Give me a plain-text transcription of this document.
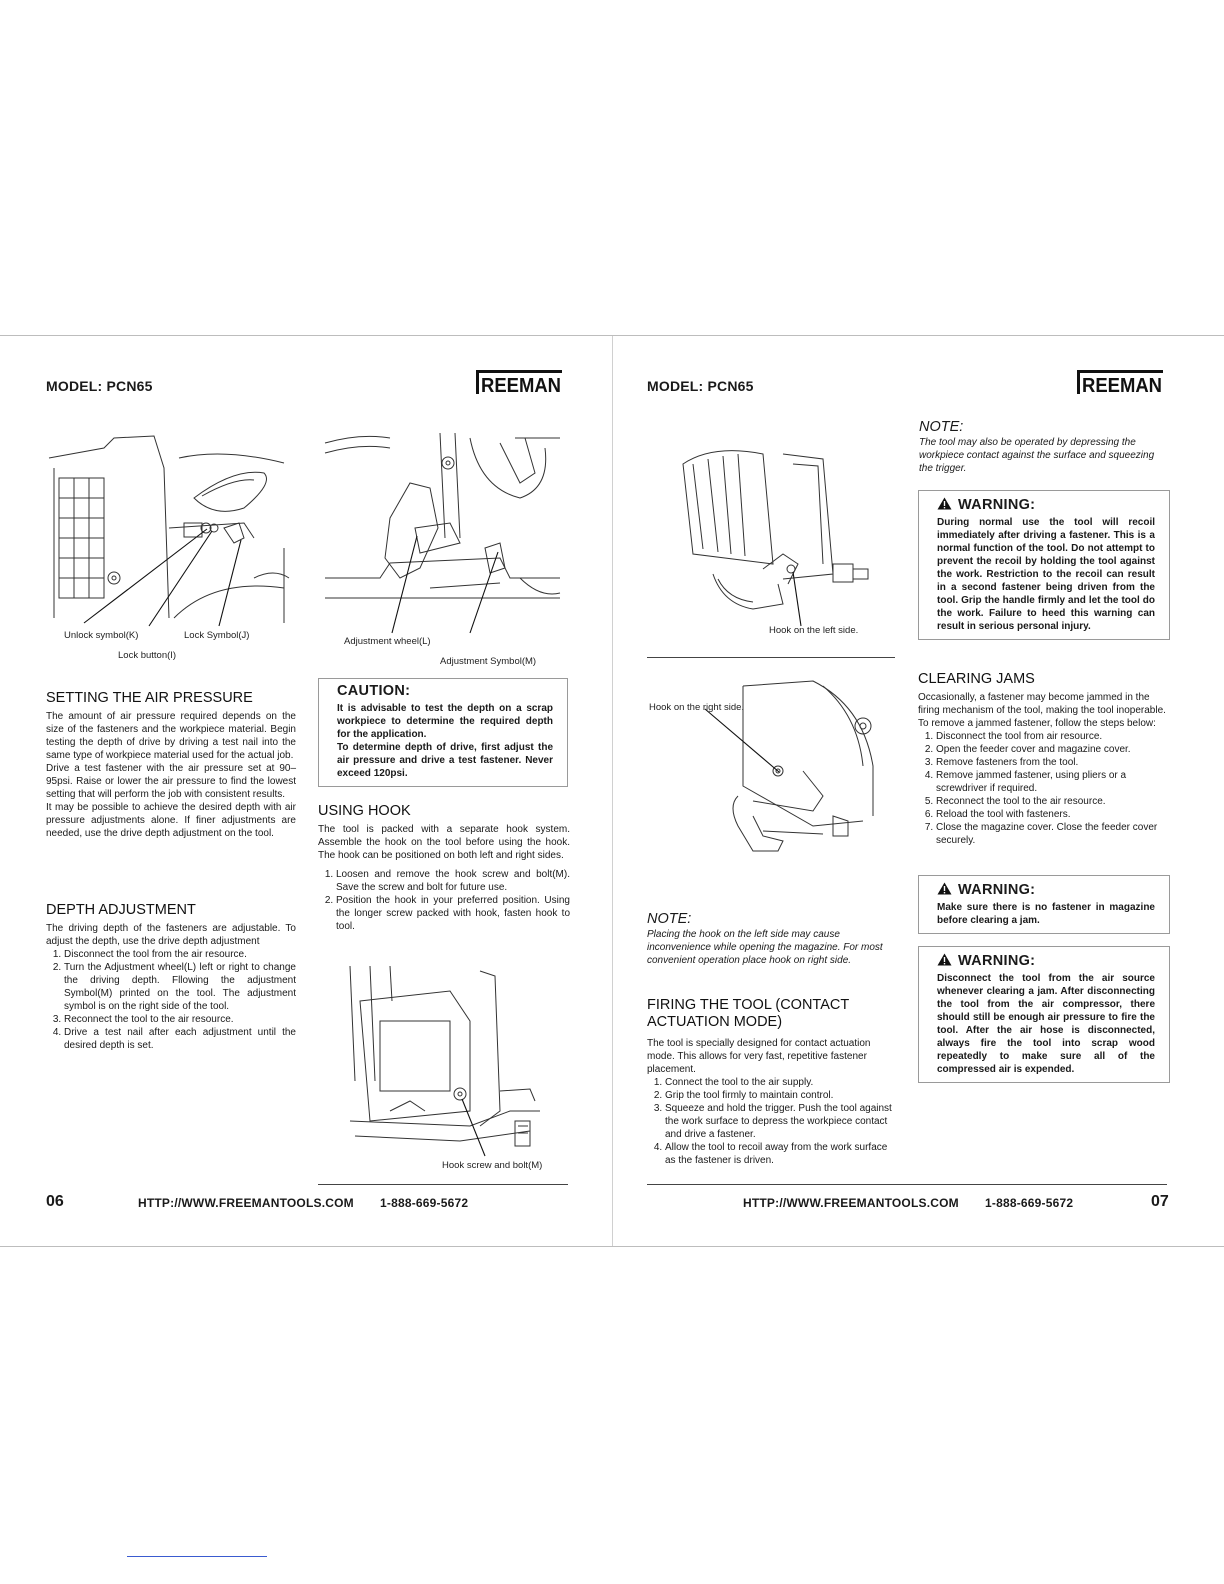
MODEL: PCN65	REEMAN
Unlock symbol(K)	Lock Symbol(J)
Lock button(I)
Adjustment wheel(L)
Adjustment Symbol(M)
SETTING THE AIR PRESSURE
The amount of air pressure required depends on the size of the fasteners and the workpiece material. Begin testing the depth of drive by driving a test nail into the same type of workpiece material used for the actual job.
Drive a test fastener with the air pressure set at 90–95psi. Raise or lower the air pressure to find the lowest setting that will perform the job with consistent results.
It may be possible to achieve the desired depth with air pressure adjustments alone. If finer adjustments are needed, use the drive depth adjustment on the tool.
DEPTH ADJUSTMENT
The driving depth of the fasteners are adjustable. To adjust the depth, use the drive depth adjustment
1. Disconnect the tool from the air resource.
2. Turn the Adjustment wheel(L) left or right to change the driving depth. Fllowing the adjustment Symbol(M) printed on the tool. The adjustment symbol is on the right side of the tool.
3. Reconnect the tool to the air resource.
4. Drive a test nail after each adjustment until the desired depth is set.
CAUTION:
It is advisable to test the depth on a scrap workpiece to determine the required depth for the application.
To determine depth of drive, first adjust the air pressure and drive a test fastener. Never exceed 120psi.
USING HOOK
The tool is packed with a separate hook system. Assemble the hook on the tool before using the hook. The hook can be positioned on both left and right sides.
1. Loosen and remove the hook screw and bolt(M). Save the screw and bolt for future use.
2. Position the hook in your preferred position. Using the longer screw packed with hook, fasten hook to tool.
Hook screw and bolt(M)
06	HTTP://WWW.FREEMANTOOLS.COM 1-888-669-5672
MODEL: PCN65	REEMAN
Hook on the left side.
Hook on the right side.
NOTE:
Placing the hook on the left side may cause inconvenience while opening the magazine. For most convenient operation place hook on right side.
FIRING THE TOOL (CONTACT ACTUATION MODE)
The tool is specially designed for contact actuation mode. This allows for very fast, repetitive fastener placement.
1. Connect the tool to the air supply.
2. Grip the tool firmly to maintain control.
3. Squeeze and hold the trigger. Push the tool against the work surface to depress the workpiece contact and drive a fastener.
4. Allow the tool to recoil away from the work surface as the fastener is driven.
NOTE:
The tool may also be operated by depressing the workpiece contact against the surface and squeezing the trigger.
WARNING:
During normal use the tool will recoil immediately after driving a fastener. This is a normal function of the tool. Do not attempt to prevent the recoil by holding the tool against the work. Restriction to the recoil can result in a second fastener being driven from the tool. Grip the handle firmly and let the tool do the work. Failure to heed this warning can result in serious personal injury.
CLEARING JAMS
Occasionally, a fastener may become jammed in the firing mechanism of the tool, making the tool inoperable. To remove a jammed fastener, follow the steps below:
1. Disconnect the tool from air resource.
2. Open the feeder cover and magazine cover.
3. Remove fasteners from the tool.
4. Remove jammed fastener, using pliers or a screwdriver if required.
5. Reconnect the tool to the air resource.
6. Reload the tool with fasteners.
7. Close the magazine cover. Close the feeder cover securely.
WARNING:
Make sure there is no fastener in magazine before clearing a jam.
WARNING:
Disconnect the tool from the air source whenever clearing a jam. After disconnecting the tool from the air compressor, there should still be enough air pressure to fire the tool. After the air hose is disconnected, always fire the tool into scrap wood repeatedly to make sure all of the compressed air is expended.
HTTP://WWW.FREEMANTOOLS.COM 1-888-669-5672	07
